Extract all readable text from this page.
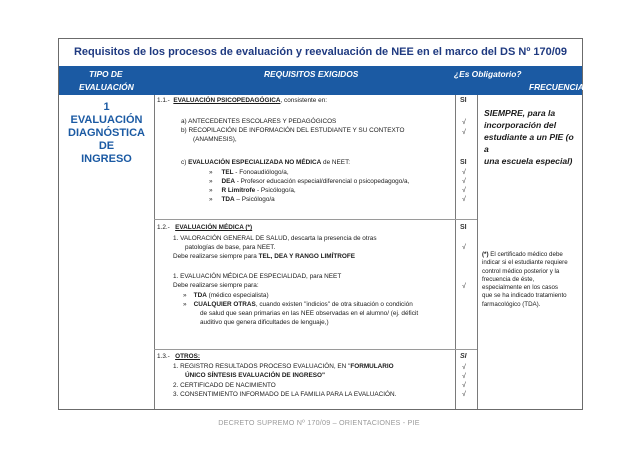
Requisitos de los procesos de evaluación y reevaluación de NEE en el marco del DS Nº 170/09
TIPO DE
EVALUACIÓN
REQUISITOS EXIGIDOS	¿Es Obligatorio?
FRECUENCIA
1
EVALUACIÓN
DIAGNÓSTICA
DE
INGRESO
1.1.- EVALUACIÓN PSICOPEDAGÓGICA, consistente en:
a) ANTECEDENTES ESCOLARES Y PEDAGÓGICOS
b) RECOPILACIÓN DE INFORMACIÓN DEL ESTUDIANTE Y SU CONTEXTO
(ANAMNESIS),
c) EVALUACIÓN ESPECIALIZADA NO MÉDICA de NEET:
» TEL - Fonoaudiólogo/a,
» DEA - Profesor educación especial/diferencial o psicopedagogo/a,
» R Limítrofe - Psicólogo/a,
» TDA – Psicólogo/a
1.2.- EVALUACIÓN MÉDICA (*)
1. VALORACIÓN GENERAL DE SALUD, descarta la presencia de otras
patologías de base, para NEET.
Debe realizarse siempre para TEL, DEA Y RANGO LIMÍTROFE
1. EVALUACIÓN MÉDICA DE ESPECIALIDAD, para NEET
Debe realizarse siempre para:
» TDA (médico especialista)
» CUALQUIER OTRAS, cuando existen "indicios" de otra situación o condición
de salud que sean primarias en las NEE observadas en el alumno/ (ej. déficit
auditivo que genera dificultades de lenguaje,)
1.3.- OTROS:
1. REGISTRO RESULTADOS PROCESO EVALUACIÓN, EN "FORMULARIO
ÚNICO SÍNTESIS EVALUACIÓN DE INGRESO"
2. CERTIFICADO DE NACIMIENTO
3. CONSENTIMIENTO INFORMADO DE LA FAMILIA PARA LA EVALUACIÓN.
SI
√
√
SI
√
√
√
√
SI
√
√
SI
√
√
√
√
SIEMPRE, para la
incorporación del
estudiante a un PIE (o a
una escuela especial)
(*) El certificado médico debe
indicar si el estudiante requiere
control médico posterior y la
frecuencia de éste,
especialmente en los casos
que se ha indicado tratamiento
farmacológico (TDA).
DECRETO SUPREMO Nº 170/09 – ORIENTACIONES - PIE
